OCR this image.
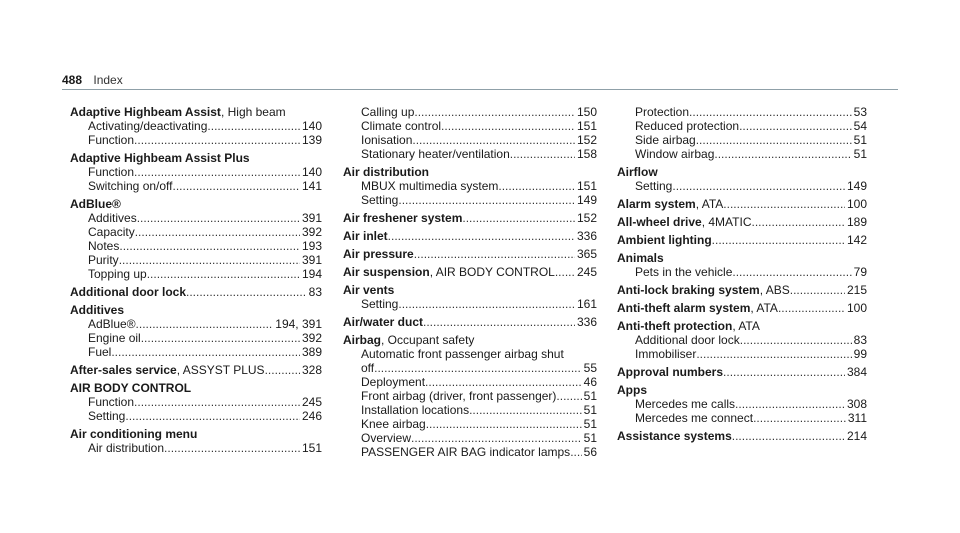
488 Index
Adaptive Highbeam Assist, High beam
Activating/deactivating .....	140
Function .....	139
Adaptive Highbeam Assist Plus
Function .....	140
Switching on/off .....	141
AdBlue®
Additives .....	391
Capacity .....	392
Notes .....	193
Purity .....	391
Topping up .....	194
Additional door lock .....	83
Additives
AdBlue® .....	194, 391
Engine oil .....	392
Fuel .....	389
After-sales service, ASSYST PLUS .....	328
AIR BODY CONTROL
Function .....	245
Setting .....	246
Air conditioning menu
Air distribution .....	151
Calling up .....	150
Climate control .....	151
Ionisation .....	152
Stationary heater/ventilation .....	158
Air distribution
MBUX multimedia system .....	151
Setting .....	149
Air freshener system .....	152
Air inlet .....	336
Air pressure .....	365
Air suspension, AIR BODY CONTROL ..... 245
Air vents
Setting .....	161
Air/water duct .....	336
Airbag, Occupant safety
Automatic front passenger airbag shut
off .....	55
Deployment .....	46
Front airbag (driver, front passenger) ..... 51
Installation locations .....	51
Knee airbag .....	51
Overview .....	51
PASSENGER AIR BAG indicator lamps ..... 56
Protection .....	53
Reduced protection .....	54
Side airbag .....	51
Window airbag .....	51
Airflow
Setting .....	149
Alarm system, ATA .....	100
All-wheel drive, 4MATIC .....	189
Ambient lighting .....	142
Animals
Pets in the vehicle .....	79
Anti-lock braking system, ABS .....	215
Anti-theft alarm system, ATA .....	100
Anti-theft protection, ATA
Additional door lock .....	83
Immobiliser .....	99
Approval numbers .....	384
Apps
Mercedes me calls .....	308
Mercedes me connect .....	311
Assistance systems .....	214
